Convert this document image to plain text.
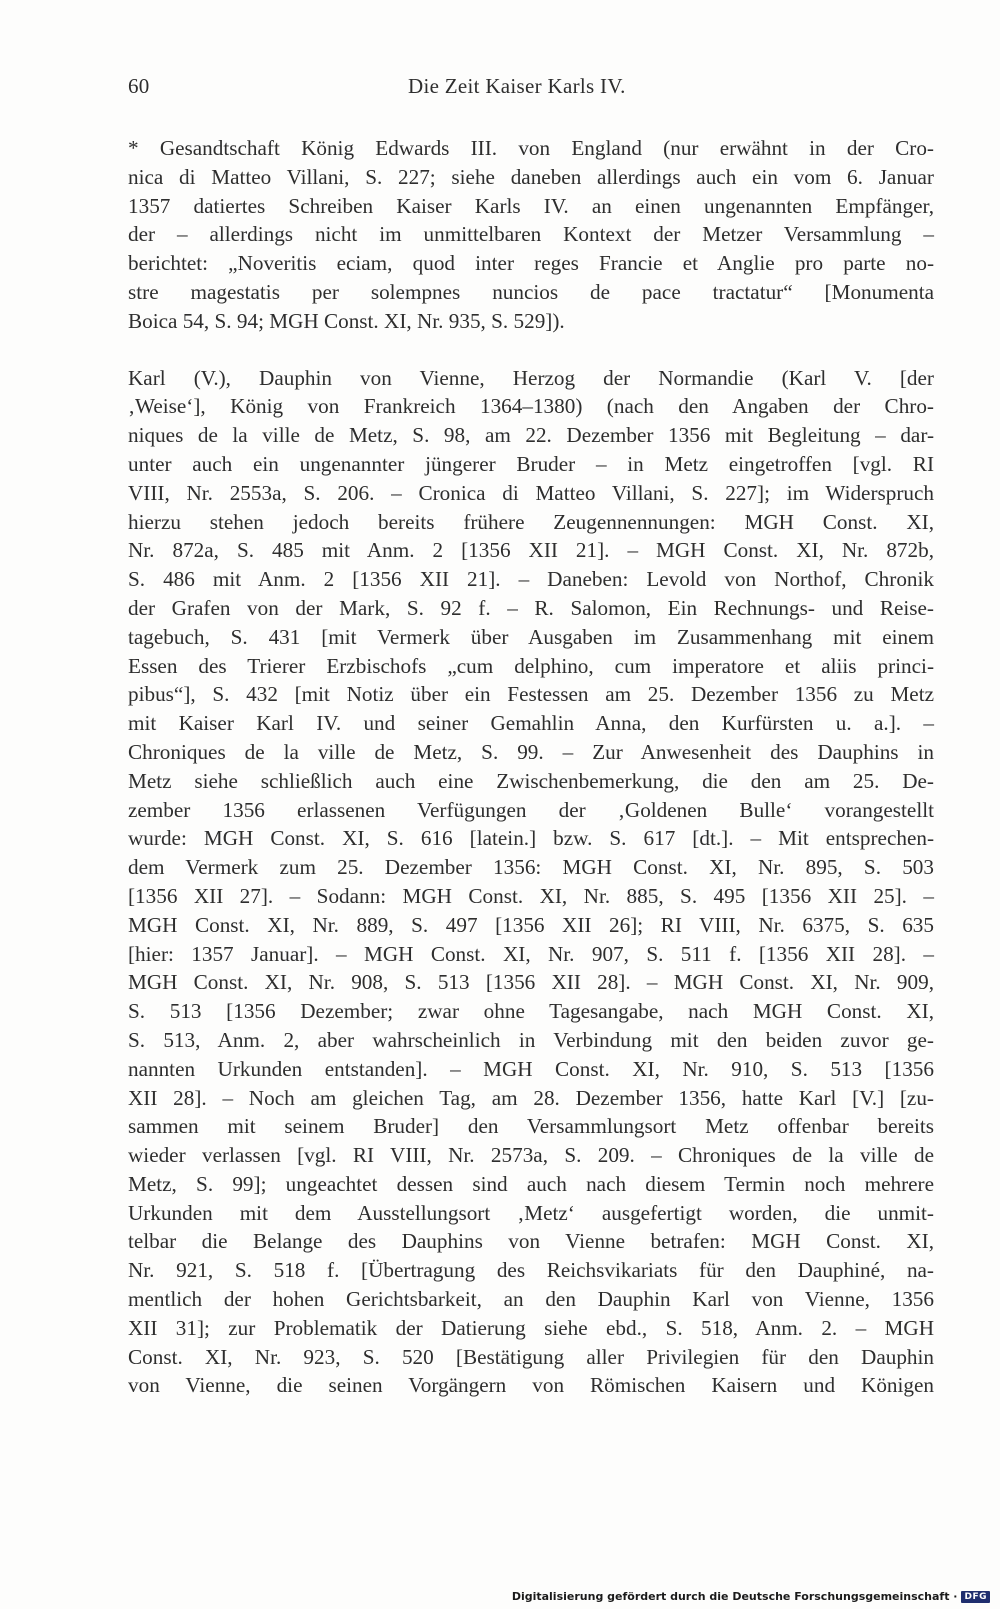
60	Die Zeit Kaiser Karls IV.
* Gesandtschaft König Edwards III. von England (nur erwähnt in der Cro-
nica di Matteo Villani, S. 227; siehe daneben allerdings auch ein vom 6. Januar
1357 datiertes Schreiben Kaiser Karls IV. an einen ungenannten Empfänger,
der – allerdings nicht im unmittelbaren Kontext der Metzer Versammlung –
berichtet: „Noveritis eciam, quod inter reges Francie et Anglie pro parte no-
stre magestatis per solempnes nuncios de pace tractatur“ [Monumenta
Boica 54, S. 94; MGH Const. XI, Nr. 935, S. 529]).
Karl (V.), Dauphin von Vienne, Herzog der Normandie (Karl V. [der
‚Weise‘], König von Frankreich 1364–1380) (nach den Angaben der Chro-
niques de la ville de Metz, S. 98, am 22. Dezember 1356 mit Begleitung – dar-
unter auch ein ungenannter jüngerer Bruder – in Metz eingetroffen [vgl. RI
VIII, Nr. 2553a, S. 206. – Cronica di Matteo Villani, S. 227]; im Widerspruch
hierzu stehen jedoch bereits frühere Zeugennennungen: MGH Const. XI,
Nr. 872a, S. 485 mit Anm. 2 [1356 XII 21]. – MGH Const. XI, Nr. 872b,
S. 486 mit Anm. 2 [1356 XII 21]. – Daneben: Levold von Northof, Chronik
der Grafen von der Mark, S. 92 f. – R. Salomon, Ein Rechnungs- und Reise-
tagebuch, S. 431 [mit Vermerk über Ausgaben im Zusammenhang mit einem
Essen des Trierer Erzbischofs „cum delphino, cum imperatore et aliis princi-
pibus“], S. 432 [mit Notiz über ein Festessen am 25. Dezember 1356 zu Metz
mit Kaiser Karl IV. und seiner Gemahlin Anna, den Kurfürsten u. a.]. –
Chroniques de la ville de Metz, S. 99. – Zur Anwesenheit des Dauphins in
Metz siehe schließlich auch eine Zwischenbemerkung, die den am 25. De-
zember 1356 erlassenen Verfügungen der ‚Goldenen Bulle‘ vorangestellt
wurde: MGH Const. XI, S. 616 [latein.] bzw. S. 617 [dt.]. – Mit entsprechen-
dem Vermerk zum 25. Dezember 1356: MGH Const. XI, Nr. 895, S. 503
[1356 XII 27]. – Sodann: MGH Const. XI, Nr. 885, S. 495 [1356 XII 25]. –
MGH Const. XI, Nr. 889, S. 497 [1356 XII 26]; RI VIII, Nr. 6375, S. 635
[hier: 1357 Januar]. – MGH Const. XI, Nr. 907, S. 511 f. [1356 XII 28]. –
MGH Const. XI, Nr. 908, S. 513 [1356 XII 28]. – MGH Const. XI, Nr. 909,
S. 513 [1356 Dezember; zwar ohne Tagesangabe, nach MGH Const. XI,
S. 513, Anm. 2, aber wahrscheinlich in Verbindung mit den beiden zuvor ge-
nannten Urkunden entstanden]. – MGH Const. XI, Nr. 910, S. 513 [1356
XII 28]. – Noch am gleichen Tag, am 28. Dezember 1356, hatte Karl [V.] [zu-
sammen mit seinem Bruder] den Versammlungsort Metz offenbar bereits
wieder verlassen [vgl. RI VIII, Nr. 2573a, S. 209. – Chroniques de la ville de
Metz, S. 99]; ungeachtet dessen sind auch nach diesem Termin noch mehrere
Urkunden mit dem Ausstellungsort ‚Metz‘ ausgefertigt worden, die unmit-
telbar die Belange des Dauphins von Vienne betrafen: MGH Const. XI,
Nr. 921, S. 518 f. [Übertragung des Reichsvikariats für den Dauphiné, na-
mentlich der hohen Gerichtsbarkeit, an den Dauphin Karl von Vienne, 1356
XII 31]; zur Problematik der Datierung siehe ebd., S. 518, Anm. 2. – MGH
Const. XI, Nr. 923, S. 520 [Bestätigung aller Privilegien für den Dauphin
von Vienne, die seinen Vorgängern von Römischen Kaisern und Königen
Digitalisierung gefördert durch die Deutsche Forschungsgemeinschaft · DFG
